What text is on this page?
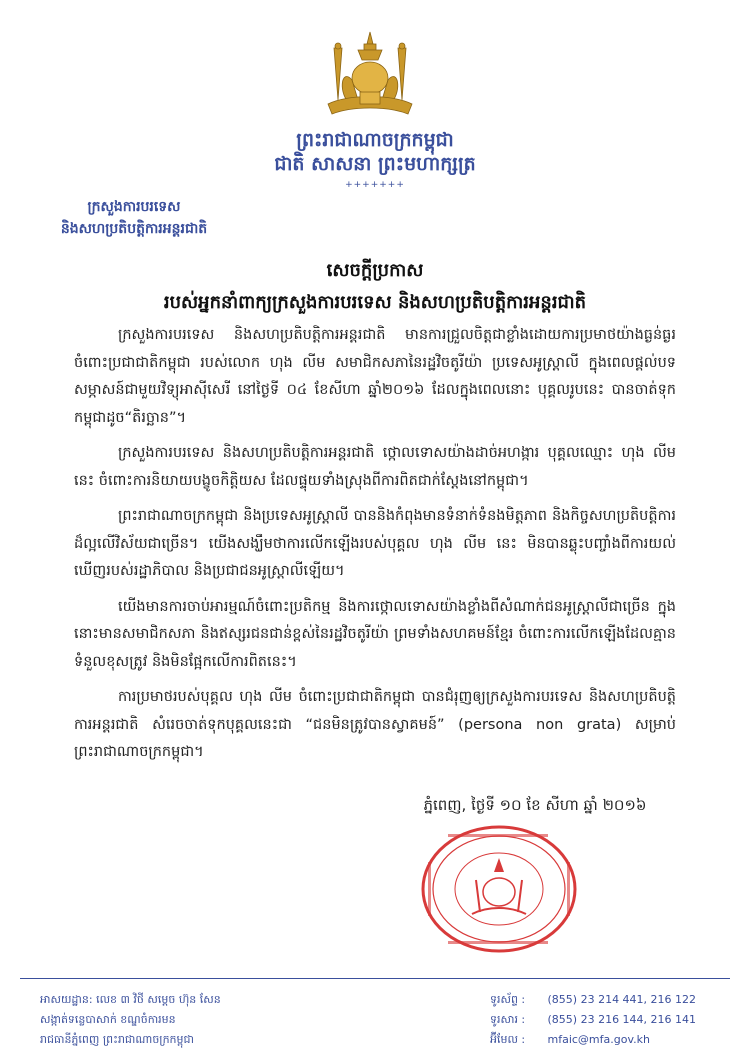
ព្រះរាជាណាចក្រកម្ពុជា
ជាតិ សាសនា ព្រះមហាក្សត្រ
+++++++
ក្រសួងការបរទេស
និងសហប្រតិបត្តិការអន្តរជាតិ
សេចក្តីប្រកាស
របស់អ្នកនាំពាក្យក្រសួងការបរទេស និងសហប្រតិបត្តិការអន្តរជាតិ

ក្រសួងការបរទេស និងសហប្រតិបត្តិការអន្តរជាតិ មានការជ្រួលចិត្តជាខ្លាំងដោយការប្រមាថយ៉ាងធ្ងន់ធ្ងរចំពោះប្រជាជាតិកម្ពុជា របស់លោក ហុង លីម សមាជិកសភានៃរដ្ឋវិចតូរីយ៉ា ប្រទេសអូស្ត្រាលី ក្នុងពេលផ្តល់បទសម្ភាសន៍ជាមួយវិទ្យុអាស៊ីសេរី នៅថ្ងៃទី ០៤ ខែសីហា ឆ្នាំ២០១៦ ដែលក្នុងពេលនោះ បុគ្គលរូបនេះ បានចាត់ទុកកម្ពុជាដូច“តិរច្ឆាន”។

ក្រសួងការបរទេស និងសហប្រតិបត្តិការអន្តរជាតិ ថ្កោលទោសយ៉ាងដាច់អហង្ការ បុគ្គលឈ្មោះ ហុង លីម នេះ ចំពោះការនិយាយបង្ខូចកិត្តិយស ដែលផ្ទុយទាំងស្រុងពីការពិតជាក់ស្តែងនៅកម្ពុជា។

ព្រះរាជាណាចក្រកម្ពុជា និងប្រទេសអូស្ត្រាលី បាននិងកំពុងមានទំនាក់ទំនងមិត្តភាព និងកិច្ចសហប្រតិបត្តិការដ៏ល្អលើវិស័យជាច្រើន។ យើងសង្ឃឹមថាការលើកឡើងរបស់បុគ្គល ហុង លីម នេះ មិនបានឆ្លុះបញ្ចាំងពីការយល់ឃើញរបស់រដ្ឋាភិបាល និងប្រជាជនអូស្ត្រាលីឡើយ។

យើងមានការចាប់អារម្មណ៍ចំពោះប្រតិកម្ម និងការថ្កោលទោសយ៉ាងខ្លាំងពីសំណាក់ជនអូស្ត្រាលីជាច្រើន ក្នុងនោះមានសមាជិកសភា និងឥស្សរជនជាន់ខ្ពស់នៃរដ្ឋវិចតូរីយ៉ា ព្រមទាំងសហគមន៍ខ្មែរ ចំពោះការលើកឡើងដែលគ្មានទំនួលខុសត្រូវ និងមិនផ្អែកលើការពិតនេះ។

ការប្រមាថរបស់បុគ្គល ហុង លីម ចំពោះប្រជាជាតិកម្ពុជា បានជំរុញឲ្យក្រសួងការបរទេស និងសហប្រតិបត្តិការអន្តរជាតិ សំរេចចាត់ទុកបុគ្គលនេះជា “ជនមិនត្រូវបានស្វាគមន៍” (persona non grata) សម្រាប់ព្រះរាជាណាចក្រកម្ពុជា។

ភ្នំពេញ, ថ្ងៃទី ១០ ខែ សីហា ឆ្នាំ ២០១៦
អាសយដ្ឋាន: លេខ ៣ វិថី សម្តេច ហ៊ុន សែន
សង្កាត់ទន្លេបាសាក់ ខណ្ឌចំការមន
រាជធានីភ្នំពេញ ព្រះរាជាណាចក្រកម្ពុជា
ទូរស័ព្ទ : (855) 23 214 441, 216 122
ទូរសារ : (855) 23 216 144, 216 141
អ៊ីមែល : mfaic@mfa.gov.kh
